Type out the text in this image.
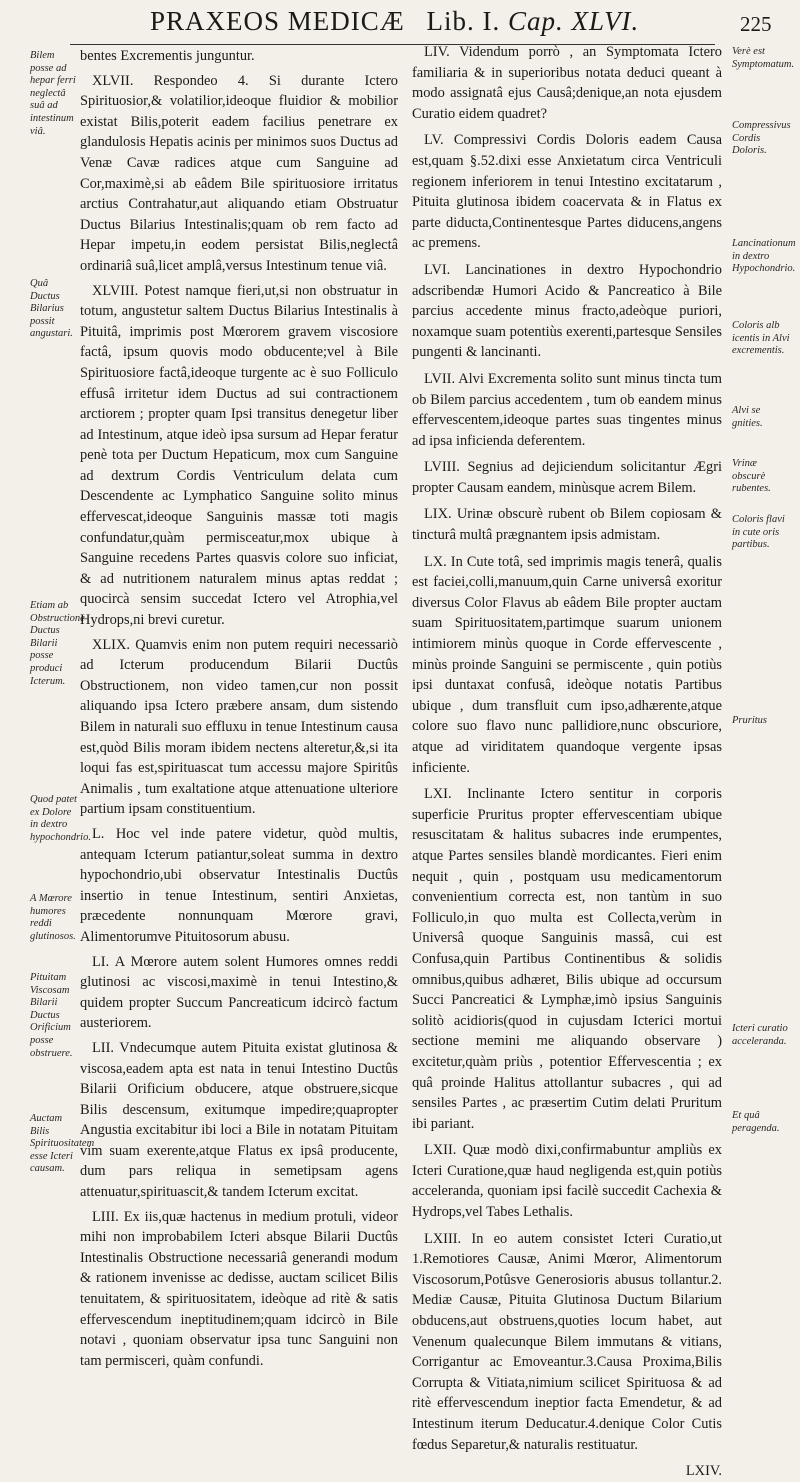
PRAXEOS MEDICÆ Lib. I. Cap. XLVI.	225
Bilem posse ad hepar ferri neglectâ suâ ad intestinum viâ.
Quâ Ductus Bilarius possit angustari.
Etiam ab Obstructione Ductus Bilarii posse produci Icterum.
Quod patet ex Dolore in dextro hypochondrio.
A Mœrore humores reddi glutinosos.
Pituitam Viscosam Bilarii Ductus Orificium posse obstruere.
Auctam Bilis Spirituositatem esse Icteri causam.
Verè est Symptomatum.
Compressivus Cordis Doloris.
Lancinationum in dextro Hypochondrio.
Coloris alb icentis in Alvi excrementis.
Alvi se gnities.
Vrinæ obscurè rubentes.
Coloris flavi in cute oris partibus.
Pruritus
Icteri curatio acceleranda.
Et quâ peragenda.

bentes Excrementis junguntur.

XLVII. Respondeo 4. Si durante Ictero Spirituosior,& volatilior,ideoque fluidior & mobilior existat Bilis,poterit eadem facilius penetrare ex glandulosis Hepatis acinis per minimos suos Ductus ad Venæ Cavæ radices atque cum Sanguine ad Cor,maximè,si ab eâdem Bile spirituosiore irritatus arctius Contrahatur,aut aliquando etiam Obstruatur Ductus Bilarius Intestinalis;quam ob rem facto ad Hepar impetu,in eodem persistat Bilis,neglectâ ordinariâ suâ,licet amplâ,versus Intestinum tenue viâ.

XLVIII. Potest namque fieri,ut,si non obstruatur in totum, angustetur saltem Ductus Bilarius Intestinalis à Pituitâ, imprimis post Mœrorem gravem viscosiore factâ, ipsum quovis modo obducente;vel à Bile Spirituosiore factâ,ideoque turgente ac è suo Folliculo effusâ irritetur idem Ductus ad sui contractionem arctiorem ; propter quam Ipsi transitus denegetur liber ad Intestinum, atque ideò ipsa sursum ad Hepar feratur penè tota per Ductum Hepaticum, mox cum Sanguine ad dextrum Cordis Ventriculum delata cum Descendente ac Lymphatico Sanguine solito minus effervescat,ideoque Sanguinis massæ toti magis confundatur,quàm permisceatur,mox ubique à Sanguine recedens Partes quasvis colore suo inficiat, & ad nutritionem naturalem minus aptas reddat ; quocircà sensim succedat Ictero vel Atrophia,vel Hydrops,ni brevi curetur.

XLIX. Quamvis enim non putem requiri necessariò ad Icterum producendum Bilarii Ductûs Obstructionem, non video tamen,cur non possit aliquando ipsa Ictero præbere ansam, dum sistendo Bilem in naturali suo effluxu in tenue Intestinum causa est,quòd Bilis moram ibidem nectens alteretur,&,si ita loqui fas est,spirituascat tum accessu majore Spiritûs Animalis , tum exaltatione atque attenuatione ulteriore partium ipsam constituentium.

L. Hoc vel inde patere videtur, quòd multis, antequam Icterum patiantur,soleat summa in dextro hypochondrio,ubi observatur Intestinalis Ductûs insertio in tenue Intestinum, sentiri Anxietas, præcedente nonnunquam Mœrore gravi, Alimentorumve Pituitosorum abusu.

LI. A Mœrore autem solent Humores omnes reddi glutinosi ac viscosi,maximè in tenui Intestino,& quidem propter Succum Pancreaticum idcircò factum austeriorem.

LII. Vndecumque autem Pituita existat glutinosa & viscosa,eadem apta est nata in tenui Intestino Ductûs Bilarii Orificium obducere, atque obstruere,sicque Bilis descensum, exitumque impedire;quapropter Angustia excitabitur ibi loci a Bile in notatam Pituitam vim suam exerente,atque Flatus ex ipsâ producente, dum pars reliqua in semetipsam agens attenuatur,spirituascit,& tandem Icterum excitat.

LIII. Ex iis,quæ hactenus in medium protuli, videor mihi non improbabilem Icteri absque Bilarii Ductûs Intestinalis Obstructione necessariâ generandi modum & rationem invenisse ac dedisse, auctam scilicet Bilis tenuitatem, & spirituositatem, ideòque ad ritè & satis effervescendum ineptitudinem;quam idcircò in Bile notavi , quoniam observatur ipsa tunc Sanguini non tam permisceri, quàm confundi.

LIV. Videndum porrò , an Symptomata Ictero familiaria & in superioribus notata deduci queant à modo assignatâ ejus Causâ;denique,an nota ejusdem Curatio eidem quadret?

LV. Compressivi Cordis Doloris eadem Causa est,quam §.52.dixi esse Anxietatum circa Ventriculi regionem inferiorem in tenui Intestino excitatarum , Pituita glutinosa ibidem coacervata & in Flatus ex parte diducta,Continentesque Partes diducens,angens ac premens.

LVI. Lancinationes in dextro Hypochondrio adscribendæ Humori Acido & Pancreatico à Bile parcius accedente minus fracto,adeòque puriori, noxamque suam potentiùs exerenti,partesque Sensiles pungenti & lancinanti.

LVII. Alvi Excrementa solito sunt minus tincta tum ob Bilem parcius accedentem , tum ob eandem minus effervescentem,ideoque partes suas tingentes minus ad ipsa inficienda deferentem.

LVIII. Segnius ad dejiciendum solicitantur Ægri propter Causam eandem, minùsque acrem Bilem.

LIX. Urinæ obscurè rubent ob Bilem copiosam & tincturâ multâ prægnantem ipsis admistam.

LX. In Cute totâ, sed imprimis magis tenerâ, qualis est faciei,colli,manuum,quin Carne universâ exoritur diversus Color Flavus ab eâdem Bile propter auctam suam Spirituositatem,partimque suarum unionem intimiorem minùs quoque in Corde effervescente , minùs proinde Sanguini se permiscente , quin potiùs ipsi duntaxat confusâ, ideòque notatis Partibus ubique , dum transfluit cum ipso,adhærente,atque colore suo flavo nunc pallidiore,nunc obscuriore, atque ad viriditatem quandoque vergente ipsas inficiente.

LXI. Inclinante Ictero sentitur in corporis superficie Pruritus propter effervescentiam ubique resuscitatam & halitus subacres inde erumpentes, atque Partes sensiles blandè mordicantes. Fieri enim nequit , quin , postquam usu medicamentorum convenientium correcta est, non tantùm in suo Folliculo,in quo multa est Collecta,verùm in Universâ quoque Sanguinis massâ, cui est Confusa,quin Partibus Continentibus & solidis omnibus,quibus adhæret, Bilis ubique ad occursum Succi Pancreatici & Lymphæ,imò ipsius Sanguinis solitò acidioris(quod in cujusdam Icterici mortui sectione memini me aliquando observare ) excitetur,quàm priùs , potentior Effervescentia ; ex quâ proinde Halitus attollantur subacres , qui ad sensiles Partes , ac præsertim Cutim delati Pruritum ibi pariant.

LXII. Quæ modò dixi,confirmabuntur ampliùs ex Icteri Curatione,quæ haud negligenda est,quin potiùs acceleranda, quoniam ipsi facilè succedit Cachexia & Hydrops,vel Tabes Lethalis.

LXIII. In eo autem consistet Icteri Curatio,ut 1.Remotiores Causæ, Animi Mœror, Alimentorum Viscosorum,Potûsve Generosioris abusus tollantur.2. Mediæ Causæ, Pituita Glutinosa Ductum Bilarium obducens,aut obstruens,quoties locum habet, aut Venenum qualecunque Bilem immutans & vitians, Corrigantur ac Emoveantur.3.Causa Proxima,Bilis Corrupta & Vitiata,nimium scilicet Spirituosa & ad ritè effervescendum ineptior facta Emendetur, & ad Intestinum iterum Deducatur.4.denique Color Cutis fœdus Separetur,& naturalis restituatur.

LXIV.
